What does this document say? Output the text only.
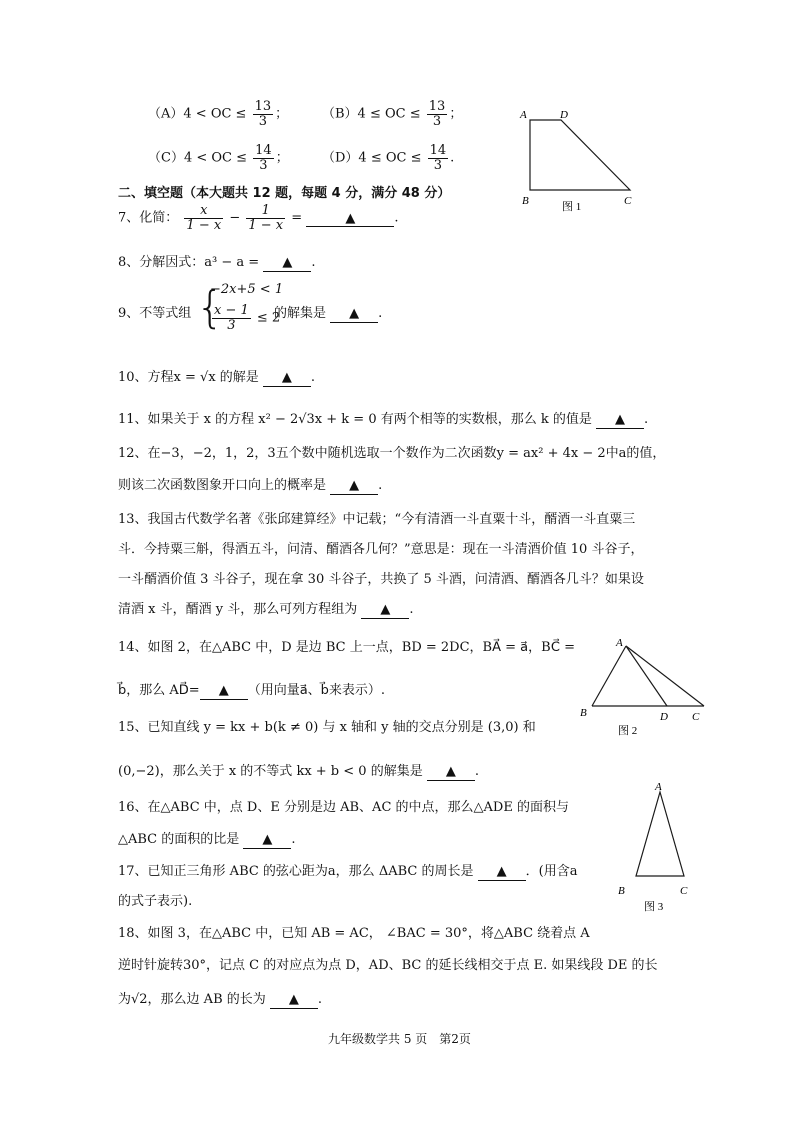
（A）4 < OC ≤ $\frac{13}{3}$ ；	（B）4 ≤ OC ≤ $\frac{13}{3}$ ；
（C）4 < OC ≤ $\frac{14}{3}$ ；	（D）4 ≤ OC ≤ $\frac{14}{3}$ .
A	D
B	C
图 1
二、填空题（本大题共 12 题，每题 4 分，满分 48 分）
7、化简： $\frac{x}{1 - x} - \frac{1}{1 - x}$ =	▲	.
8、分解因式：a³ − a = ▲ .
9、不等式组 {
−2x+5 < 1
$\frac{x - 1}{3} \le 2$
的解集是 ▲ .
10、方程x = √x 的解是 ▲ .
11、如果关于 x 的方程 x² − 2√3x + k = 0 有两个相等的实数根，那么 k 的值是 ▲ .
12、在−3，−2，1，2，3五个数中随机选取一个数作为二次函数y = ax² + 4x − 2中a的值，
则该二次函数图象开口向上的概率是 ▲ .
13、我国古代数学名著《张邱建算经》中记载；“今有清酒一斗直粟十斗，醑酒一斗直粟三
斗．今持粟三斛，得酒五斗，问清、醑酒各几何？”意思是：现在一斗清酒价值 10 斗谷子，
一斗醑酒价值 3 斗谷子，现在拿 30 斗谷子，共换了 5 斗酒，问清酒、醑酒各几斗？如果设
清酒 x 斗，醑酒 y 斗，那么可列方程组为 ▲ .
14、如图 2，在△ABC 中，D 是边 BC 上一点，BD = 2DC，BA⃗ = a⃗，BC⃗ =
b⃗，那么 AD⃗= ▲ （用向量a⃗、b⃗来表示）.
A
B	D C
图 2
15、已知直线 y = kx + b(k ≠ 0) 与 x 轴和 y 轴的交点分别是 (3,0) 和
(0,−2)，那么关于 x 的不等式 kx + b < 0 的解集是 ▲ .
16、在△ABC 中，点 D、E 分别是边 AB、AC 的中点，那么△ADE 的面积与
△ABC 的面积的比是 ▲ .
17、已知正三角形 ABC 的弦心距为a，那么 ΔABC 的周长是 ▲ ．(用含a
的式子表示).
A
B	C
图 3
18、如图 3，在△ABC 中，已知 AB = AC， ∠BAC = 30°，将△ABC 绕着点 A
逆时针旋转30°，记点 C 的对应点为点 D，AD、BC 的延长线相交于点 E. 如果线段 DE 的长
为√2，那么边 AB 的长为 ▲ .
九年级数学共 5 页　第2页
